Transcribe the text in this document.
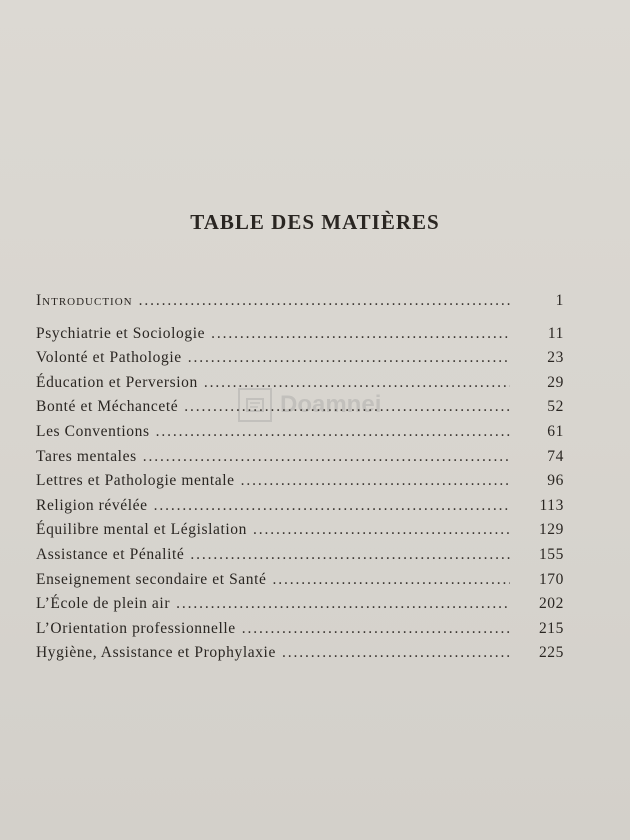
TABLE DES MATIÈRES
Doamnei
Introduction . . .	1
Psychiatrie et Sociologie . . .	11
Volonté et Pathologie . . .	23
Éducation et Perversion . . .	29
Bonté et Méchanceté . . .	52
Les Conventions . . .	61
Tares mentales . . .	74
Lettres et Pathologie mentale . . .	96
Religion révélée . . .	113
Équilibre mental et Législation . . .	129
Assistance et Pénalité . . .	155
Enseignement secondaire et Santé . . .	170
L’École de plein air . . .	202
L’Orientation professionnelle . . .	215
Hygiène, Assistance et Prophylaxie . . .	225
